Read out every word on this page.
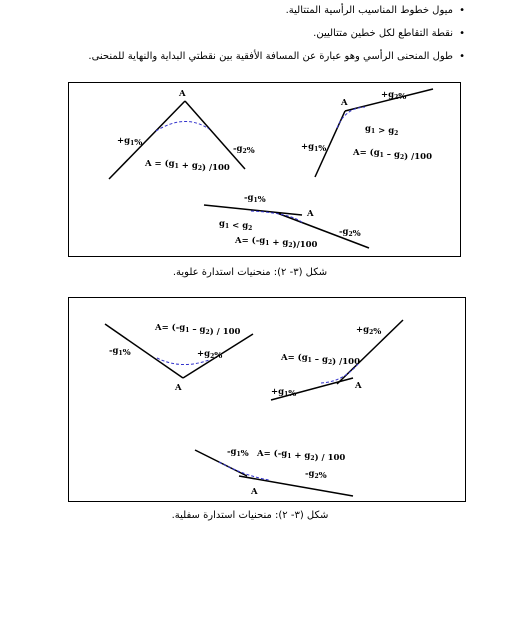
•
ميول خطوط المناسيب الرأسية المتتالية.
•
نقطة التقاطع لكل خطين متتاليين.
•
طول المنحنى الرأسي وهو عبارة عن المسافة الأفقية بين نقطتي البداية والنهاية للمنحنى.
A
$+g_1\%$
$-g_2\%$
$A = (g_1 + g_2)$ /100
A
$+g_2\%$
$g_1 > g_2$
$+g_1\%$	$A= (g_1 - g_2)$ /100
$-g_1\%$
A
$g_1 < g_2$	$-g_2\%$
$A= (-g_1 + g_2)/100$
شكل (٣- ٢): منحنيات استدارة علوية.
$A= (-g_1 - g_2) / 100$
$-g_1\%$	$+g_2\%$
A
$+g_2\%$
$A= (g_1 - g_2)$ /100
$+g_1\%$
A
$-g_1\%$ $A= (-g_1 + g_2) / 100$
$-g_2\%$
A
شكل (٣- ٢): منحنيات استدارة سفلية.
